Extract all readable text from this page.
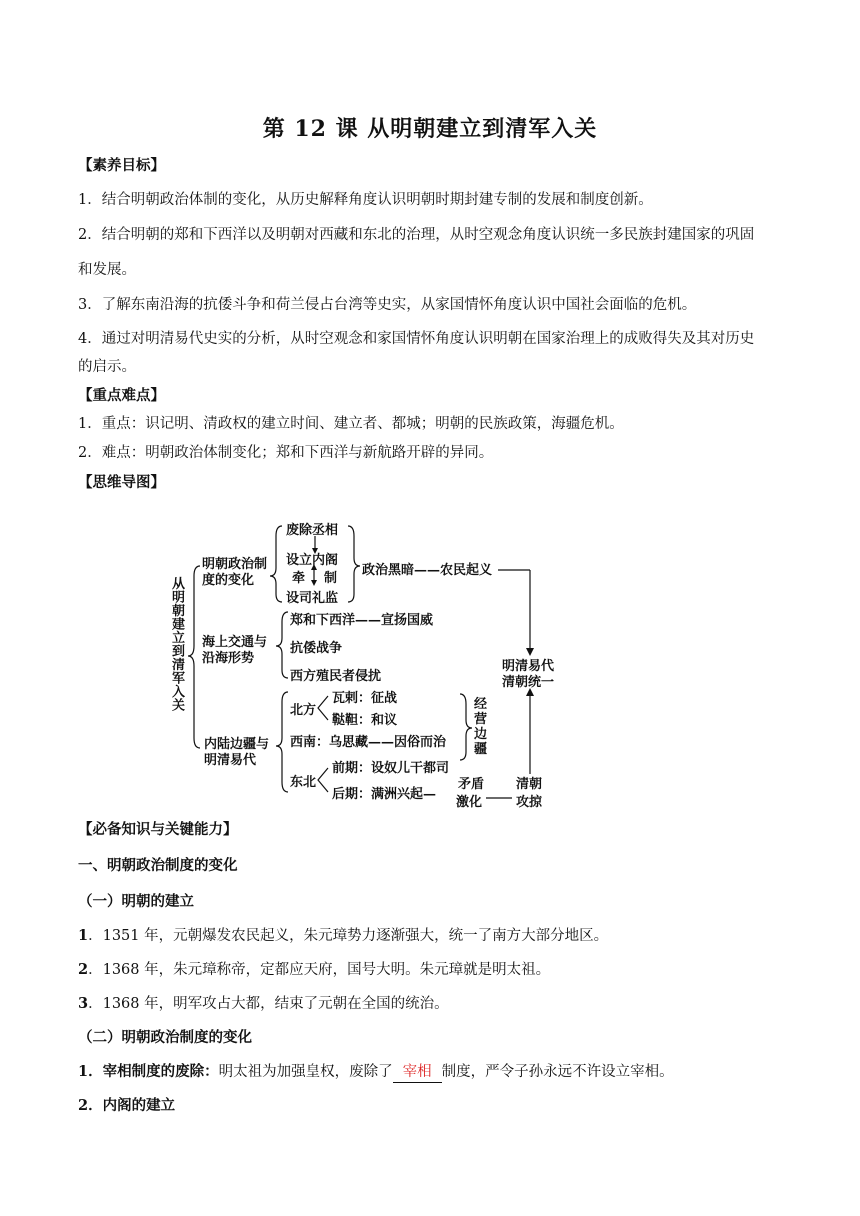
第 12 课 从明朝建立到清军入关
【素养目标】
1．结合明朝政治体制的变化，从历史解释角度认识明朝时期封建专制的发展和制度创新。
2．结合明朝的郑和下西洋以及明朝对西藏和东北的治理，从时空观念角度认识统一多民族封建国家的巩固
和发展。
3．了解东南沿海的抗倭斗争和荷兰侵占台湾等史实，从家国情怀角度认识中国社会面临的危机。
4．通过对明清易代史实的分析，从时空观念和家国情怀角度认识明朝在国家治理上的成败得失及其对历史
的启示。
【重点难点】
1．重点：识记明、清政权的建立时间、建立者、都城；明朝的民族政策，海疆危机。
2．难点：明朝政治体制变化；郑和下西洋与新航路开辟的异同。
【思维导图】
从
明
朝
建
立
到
清
军
入
关
明朝政治制
度的变化
废除丞相
设立内阁
牵 制
设司礼监
政治黑暗——农民起义
海上交通与
沿海形势
郑和下西洋——宣扬国威
抗倭战争
西方殖民者侵扰
内陆边疆与
明清易代
北方
瓦剌：征战
鞑靼：和议
西南：乌思藏——因俗而治
东北
前期：设奴儿干都司
后期：满洲兴起—
矛盾
激化
清朝
攻掠
经
营
边
疆
明清易代
清朝统一
【必备知识与关键能力】
一、明朝政治制度的变化
（一）明朝的建立
1．1351 年，元朝爆发农民起义，朱元璋势力逐渐强大，统一了南方大部分地区。
2．1368 年，朱元璋称帝，定都应天府，国号大明。朱元璋就是明太祖。
3．1368 年，明军攻占大都，结束了元朝在全国的统治。
（二）明朝政治制度的变化
1．宰相制度的废除：明太祖为加强皇权，废除了 宰相 制度，严令子孙永远不许设立宰相。
2．内阁的建立
